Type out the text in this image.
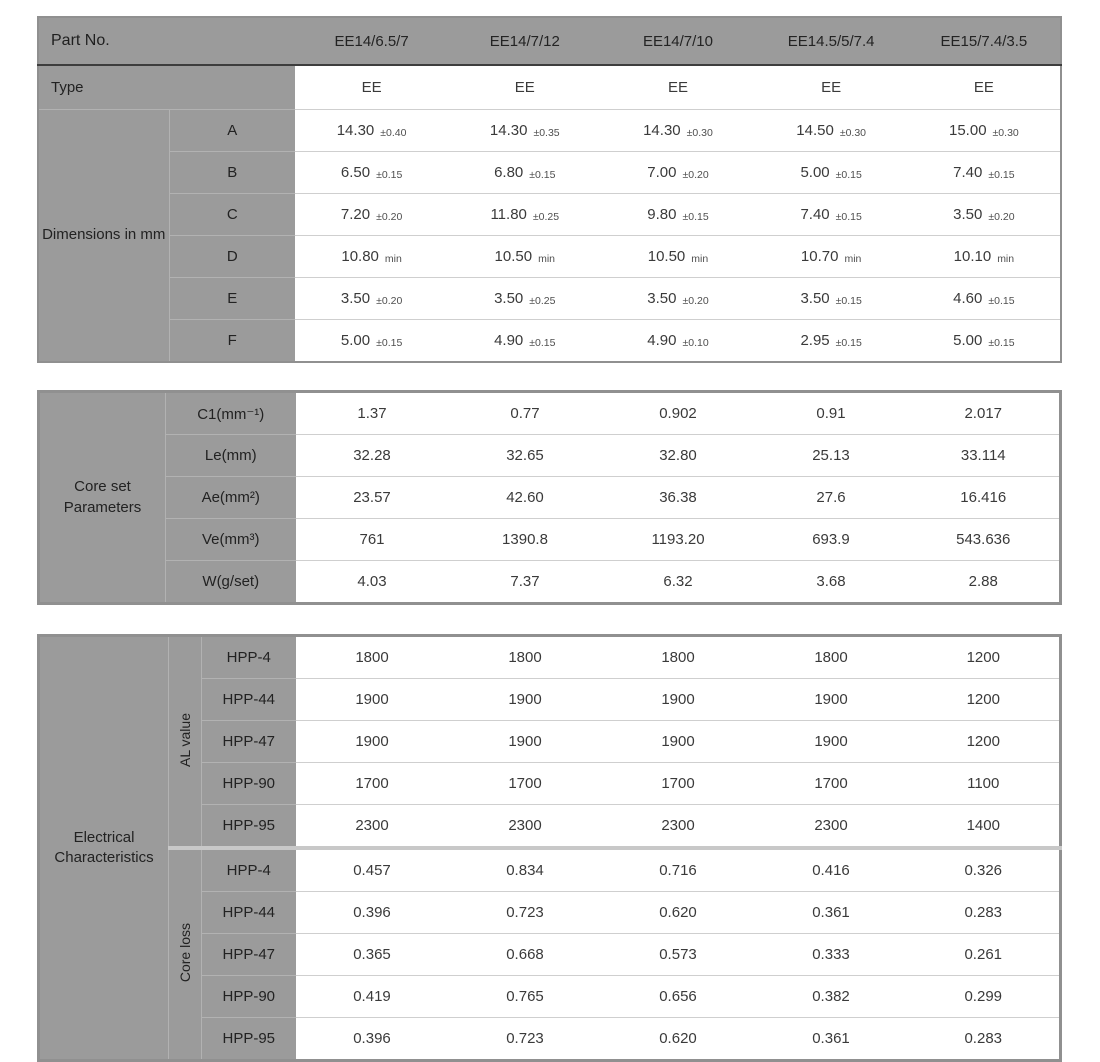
Part No.		EE14/6.5/7	EE14/7/12	EE14/7/10	EE14.5/5/7.4	EE15/7.4/3.5
Type		EE	EE	EE	EE	EE
Dimensions in mm	A	14.30 ±0.40	14.30 ±0.35	14.30 ±0.30	14.50 ±0.30	15.00 ±0.30
	B	6.50 ±0.15	6.80 ±0.15	7.00 ±0.20	5.00 ±0.15	7.40 ±0.15
	C	7.20 ±0.20	11.80 ±0.25	9.80 ±0.15	7.40 ±0.15	3.50 ±0.20
	D	10.80 min	10.50 min	10.50 min	10.70 min	10.10 min
	E	3.50 ±0.20	3.50 ±0.25	3.50 ±0.20	3.50 ±0.15	4.60 ±0.15
	F	5.00 ±0.15	4.90 ±0.15	4.90 ±0.10	2.95 ±0.15	5.00 ±0.15
Core set Parameters	C1(mm⁻¹)	1.37	0.77	0.902	0.91	2.017
	Le(mm)	32.28	32.65	32.80	25.13	33.114
	Ae(mm²)	23.57	42.60	36.38	27.6	16.416
	Ve(mm³)	761	1390.8	1193.20	693.9	543.636
	W(g/set)	4.03	7.37	6.32	3.68	2.88
Electrical Characteristics	AL value	HPP-4	1800	1800	1800	1800	1200
		HPP-44	1900	1900	1900	1900	1200
		HPP-47	1900	1900	1900	1900	1200
		HPP-90	1700	1700	1700	1700	1100
		HPP-95	2300	2300	2300	2300	1400
	Core loss	HPP-4	0.457	0.834	0.716	0.416	0.326
		HPP-44	0.396	0.723	0.620	0.361	0.283
		HPP-47	0.365	0.668	0.573	0.333	0.261
		HPP-90	0.419	0.765	0.656	0.382	0.299
		HPP-95	0.396	0.723	0.620	0.361	0.283
